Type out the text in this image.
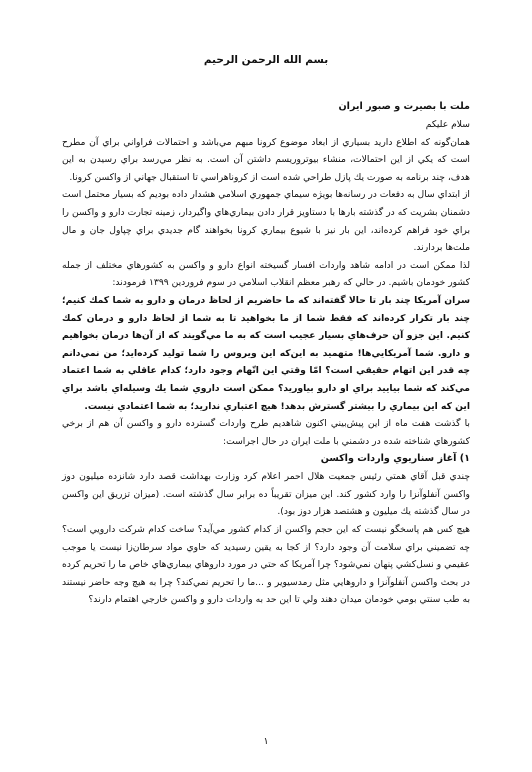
بسم الله الرحمن الرحيم

ملت با بصيرت و صبور ايران

سلام عليكم

همان‌گونه كه اطلاع داريد بسياري از ابعاد موضوع كرونا مبهم مي‌باشد و احتمالات فراواني براي آن مطرح است كه يكي از اين احتمالات، منشاء بيوتروريسم داشتن آن است. به نظر مي‌رسد براي رسيدن به اين هدف، چند برنامه به صورت يك پازل طراحي شده است از كروناهراسي تا استقبال جهاني از واكسن كرونا.

از ابتداي سال به دفعات در رسانه‌ها بويژه سيماي جمهوري اسلامي هشدار داده بوديم كه بسيار محتمل است دشمنان بشريت كه در گذشته بارها با دستاويز قرار دادن بيماري‌هاي واگيردار، زمينه تجارت دارو و واكسن را براي خود فراهم كرده‌اند، اين بار نيز با شيوع بيماري كرونا بخواهند گام جديدي براي چپاول جان و مال ملت‌ها بردارند.

لذا ممكن است در ادامه شاهد واردات افسار گسيخته انواع دارو و واكسن به كشورهاي مختلف از جمله كشور خودمان باشيم. در حالي كه رهبر معظم انقلاب اسلامي در سوم فروردين ۱۳۹۹ فرمودند:

سران آمريكا چند بار تا حالا گفته‌اند كه ما حاضريم از لحاظ درمان و دارو به شما كمك كنيم؛ چند بار تكرار كرده‌اند كه فقط شما از ما بخواهيد تا به شما از لحاظ دارو و درمان كمك كنيم. اين جزو آن حرف‌هاي بسيار عجيب است كه به ما مي‌گويند كه از آن‌ها درمان بخواهيم و دارو. شما آمريكايي‌ها! متهميد به اين‌كه اين ويروس را شما توليد كرده‌ايد؛ من نمي‌دانم چه قدر اين اتهام حقيقي است؟ امّا وقتي اين اتّهام وجود دارد؛ كدام عاقلي به شما اعتماد مي‌كند كه شما بياييد براي او دارو بياوريد؟ ممكن است داروي شما يك وسيله‌اي باشد براي اين كه اين بيماري را بيشتر گسترش بدهد! هيچ اعتباري نداريد؛ به شما اعتمادي نيست.

با گذشت هفت ماه از اين پيش‌بيني اكنون شاهديم طرح واردات گسترده دارو و واكسن آن هم از برخي كشورهاي شناخته شده در دشمني با ملت ايران در حال اجراست:

۱) آغاز سناريوي واردات واكسن

چندي قبل آقاي همتي رئيس جمعيت هلال احمر اعلام كرد وزارت بهداشت قصد دارد شانزده ميليون دوز واكسن آنفلوآنزا را وارد كشور كند. اين ميزان تقريباً ده برابر سال گذشته است. (ميزان تزريق اين واكسن در سال گذشته يك ميليون و هشتصد هزار دوز بود).

هيچ كس هم پاسخگو نيست كه اين حجم واكسن از كدام كشور مي‌آيد؟ ساخت كدام شركت دارويي است؟ چه تضميني براي سلامت آن وجود دارد؟ از كجا به يقين رسيديد كه حاوي مواد سرطان‌زا نيست يا موجب عقيمي و نسل‌كشي پنهان نمي‌شود؟ چرا آمريكا كه حتي در مورد داروهاي بيماري‌هاي خاص ما را تحريم كرده در بحث واكسن آنفلوآنزا و داروهايي مثل رمدسيوير و ...ما را تحريم نمي‌كند؟ چرا به هيچ وجه حاضر نيستند به طب سنتي بومي خودمان ميدان دهند ولي تا اين حد به واردات دارو و واكسن خارجي اهتمام دارند؟

۱
